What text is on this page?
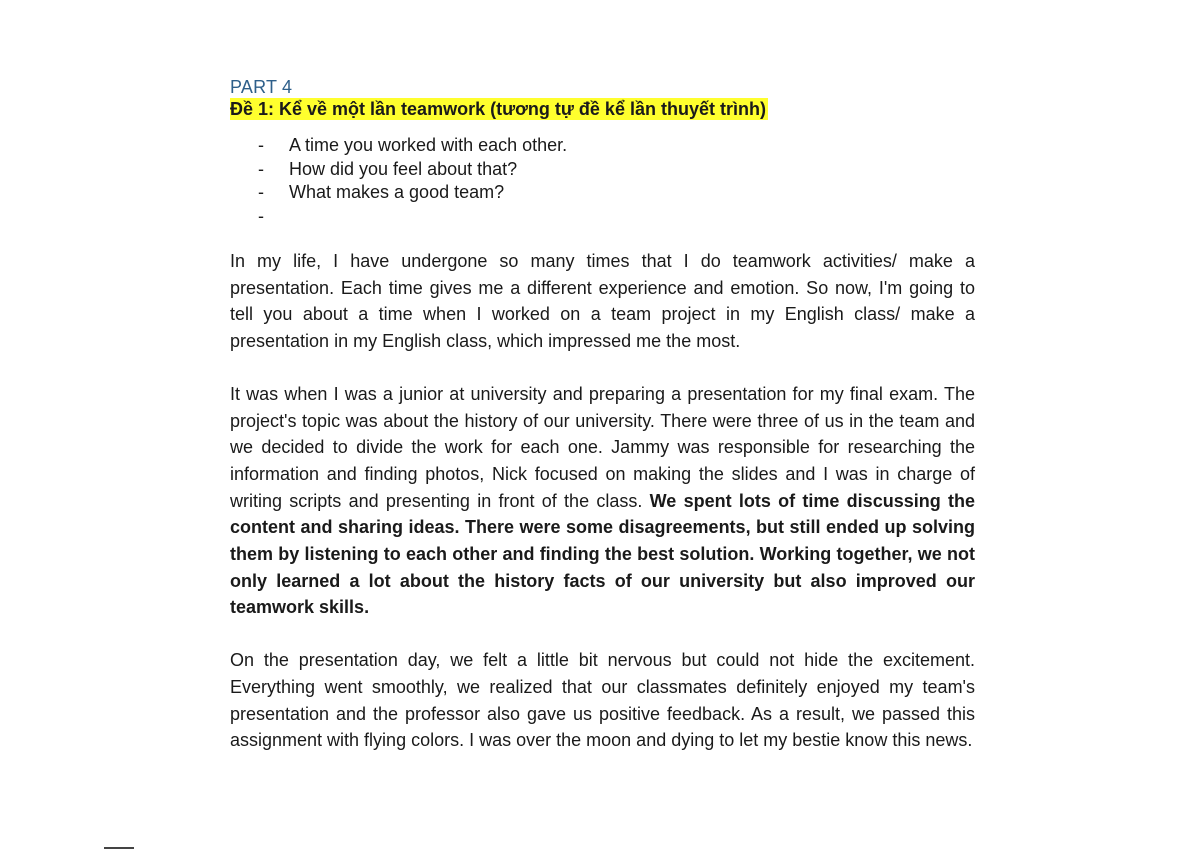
PART 4

Đề 1: Kể về một lần teamwork (tương tự đề kể lần thuyết trình)

- A time you worked with each other.
- How did you feel about that?
- What makes a good team?
-

In my life, I have undergone so many times that I do teamwork activities/ make a presentation. Each time gives me a different experience and emotion. So now, I'm going to tell you about a time when I worked on a team project in my English class/ make a presentation in my English class, which impressed me the most.

It was when I was a junior at university and preparing a presentation for my final exam. The project's topic was about the history of our university. There were three of us in the team and we decided to divide the work for each one. Jammy was responsible for researching the information and finding photos, Nick focused on making the slides and I was in charge of writing scripts and presenting in front of the class. We spent lots of time discussing the content and sharing ideas. There were some disagreements, but still ended up solving them by listening to each other and finding the best solution. Working together, we not only learned a lot about the history facts of our university but also improved our teamwork skills.

On the presentation day, we felt a little bit nervous but could not hide the excitement. Everything went smoothly, we realized that our classmates definitely enjoyed my team's presentation and the professor also gave us positive feedback. As a result, we passed this assignment with flying colors. I was over the moon and dying to let my bestie know this news.
